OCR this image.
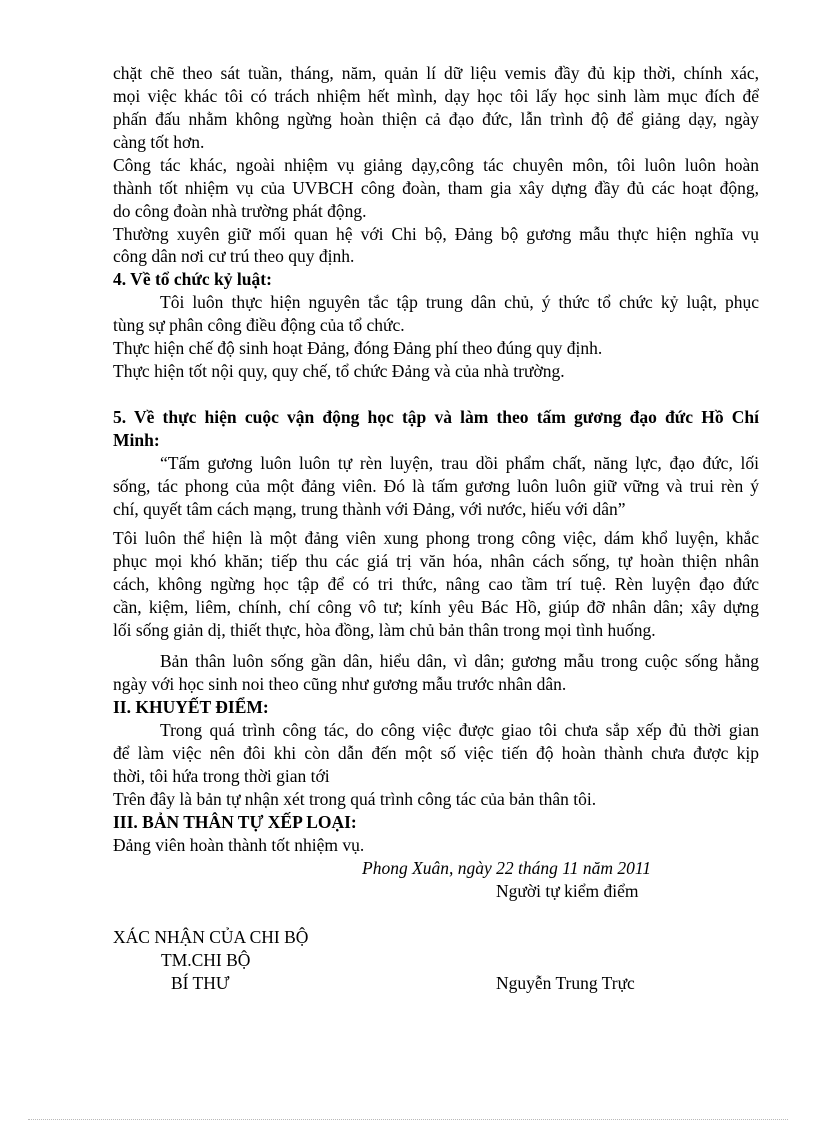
chặt chẽ theo sát tuần, tháng, năm, quản lí dữ liệu vemis đầy đủ kịp thời, chính xác,
mọi việc khác tôi có trách nhiệm hết mình, dạy học tôi lấy học sinh làm mục đích để
phấn đấu nhằm không ngừng hoàn thiện cả đạo đức, lẫn trình độ để giảng dạy, ngày
càng tốt hơn.
Công tác khác, ngoài nhiệm vụ giảng dạy,công tác chuyên môn, tôi luôn luôn hoàn
thành tốt nhiệm vụ của UVBCH công đoàn, tham gia xây dựng đầy đủ các hoạt động,
do công đoàn nhà trường phát động.
Thường xuyên giữ mối quan hệ với Chi bộ, Đảng bộ gương mẫu thực hiện nghĩa vụ
công dân nơi cư trú theo quy định.
4. Về tổ chức kỷ luật:
Tôi luôn thực hiện nguyên tắc tập trung dân chủ, ý thức tổ chức kỷ luật, phục
tùng sự phân công điều động của tổ chức.
Thực hiện chế độ sinh hoạt Đảng, đóng Đảng phí theo đúng quy định.
Thực hiện tốt nội quy, quy chế, tổ chức Đảng và của nhà trường.
5. Về thực hiện cuộc vận động học tập và làm theo tấm gương đạo đức Hồ Chí
Minh:
“Tấm gương luôn luôn tự rèn luyện, trau dồi phẩm chất, năng lực, đạo đức, lối
sống, tác phong của một đảng viên. Đó là tấm gương luôn luôn giữ vững và trui rèn ý
chí, quyết tâm cách mạng, trung thành với Đảng, với nước, hiếu với dân”
Tôi luôn thể hiện là một đảng viên xung phong trong công việc, dám khổ luyện, khắc
phục mọi khó khăn; tiếp thu các giá trị văn hóa, nhân cách sống, tự hoàn thiện nhân
cách, không ngừng học tập để có tri thức, nâng cao tầm trí tuệ. Rèn luyện đạo đức
cần, kiệm, liêm, chính, chí công vô tư; kính yêu Bác Hồ, giúp đỡ nhân dân; xây dựng
lối sống giản dị, thiết thực, hòa đồng, làm chủ bản thân trong mọi tình huống.
Bản thân luôn sống gần dân, hiểu dân, vì dân; gương mẫu trong cuộc sống hằng
ngày với học sinh noi theo cũng như gương mẫu trước nhân dân.
II. KHUYẾT ĐIỂM:
Trong quá trình công tác, do công việc được giao tôi chưa sắp xếp đủ thời gian
để làm việc nên đôi khi còn dẫn đến một số việc tiến độ hoàn thành chưa được kịp
thời, tôi hứa trong thời gian tới
Trên đây là bản tự nhận xét trong quá trình công tác của bản thân tôi.
III. BẢN THÂN TỰ XẾP LOẠI:
Đảng viên hoàn thành tốt nhiệm vụ.
Phong Xuân, ngày 22 tháng 11 năm 2011
Người tự kiểm điểm
XÁC NHẬN CỦA CHI BỘ
TM.CHI BỘ
BÍ THƯ	Nguyễn Trung Trực
